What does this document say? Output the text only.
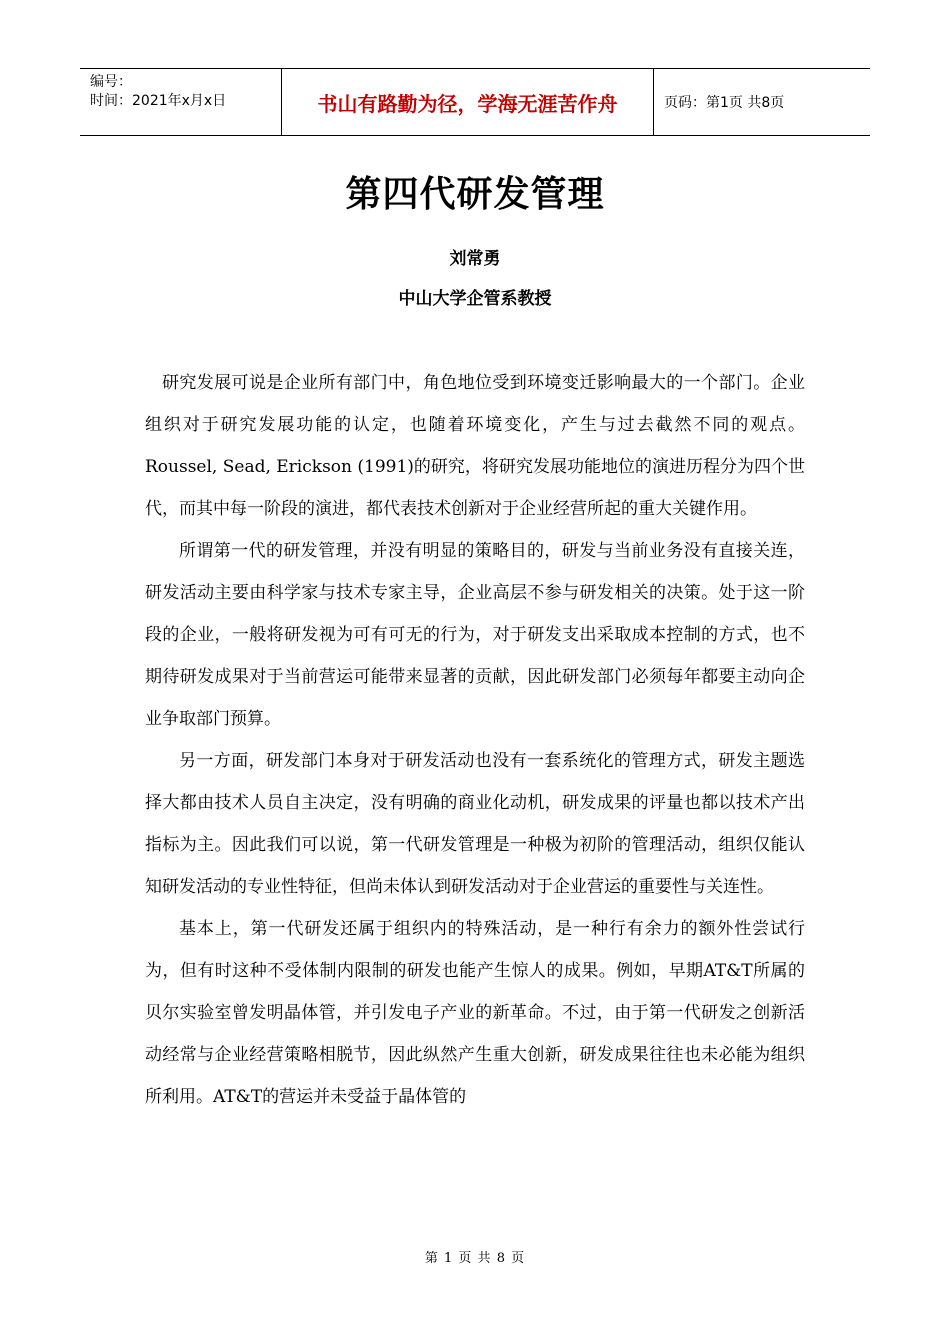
编号：
时间：2021年x月x日	书山有路勤为径，学海无涯苦作舟	页码：第1页 共8页
第四代研发管理
刘常勇
中山大学企管系教授

研究发展可说是企业所有部门中，角色地位受到环境变迁影响最大的一个部门。企业组织对于研究发展功能的认定，也随着环境变化，产生与过去截然不同的观点。Roussel, Sead, Erickson (1991)的研究，将研究发展功能地位的演进历程分为四个世代，而其中每一阶段的演进，都代表技术创新对于企业经营所起的重大关键作用。

所谓第一代的研发管理，并没有明显的策略目的，研发与当前业务没有直接关连，研发活动主要由科学家与技术专家主导，企业高层不参与研发相关的决策。处于这一阶段的企业，一般将研发视为可有可无的行为，对于研发支出采取成本控制的方式，也不期待研发成果对于当前营运可能带来显著的贡献，因此研发部门必须每年都要主动向企业争取部门预算。

另一方面，研发部门本身对于研发活动也没有一套系统化的管理方式，研发主题选择大都由技术人员自主决定，没有明确的商业化动机，研发成果的评量也都以技术产出指标为主。因此我们可以说，第一代研发管理是一种极为初阶的管理活动，组织仅能认知研发活动的专业性特征，但尚未体认到研发活动对于企业营运的重要性与关连性。

基本上，第一代研发还属于组织内的特殊活动，是一种行有余力的额外性尝试行为，但有时这种不受体制内限制的研发也能产生惊人的成果。例如，早期AT&T所属的贝尔实验室曾发明晶体管，并引发电子产业的新革命。不过，由于第一代研发之创新活动经常与企业经营策略相脱节，因此纵然产生重大创新，研发成果往往也未必能为组织所利用。AT&T的营运并未受益于晶体管的

第 1 页 共 8 页
